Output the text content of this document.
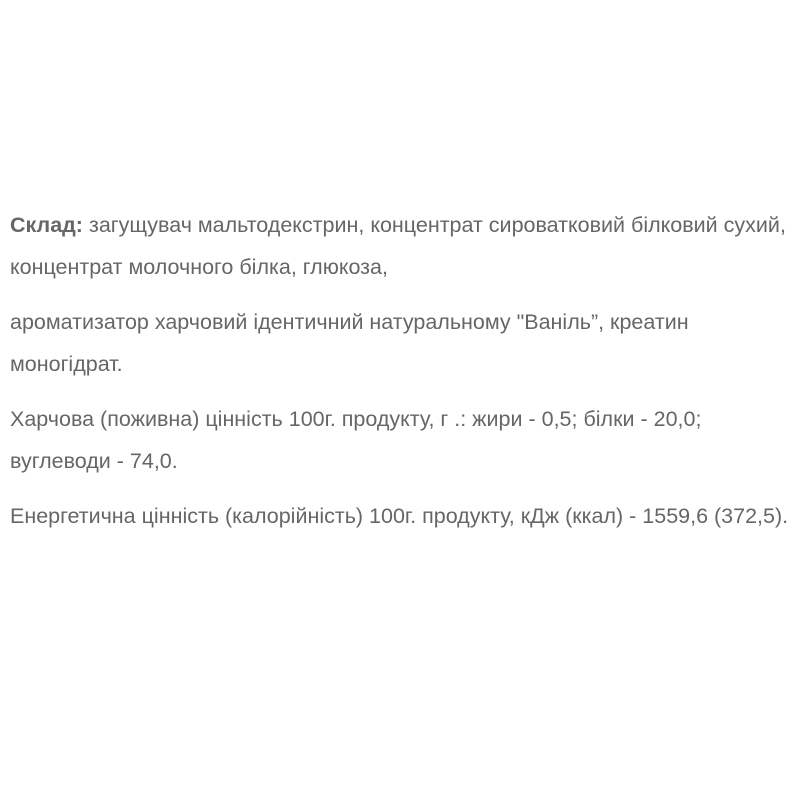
Склад: загущувач мальтодекстрин, концентрат сироватковий білковий сухий, концентрат молочного білка, глюкоза,

ароматизатор харчовий ідентичний натуральному "Ваніль”, креатин моногідрат.

Харчова (поживна) цінність 100г. продукту, г .: жири - 0,5; білки - 20,0; вуглеводи - 74,0.

Енергетична цінність (калорійність) 100г. продукту, кДж (ккал) - 1559,6 (372,5).
